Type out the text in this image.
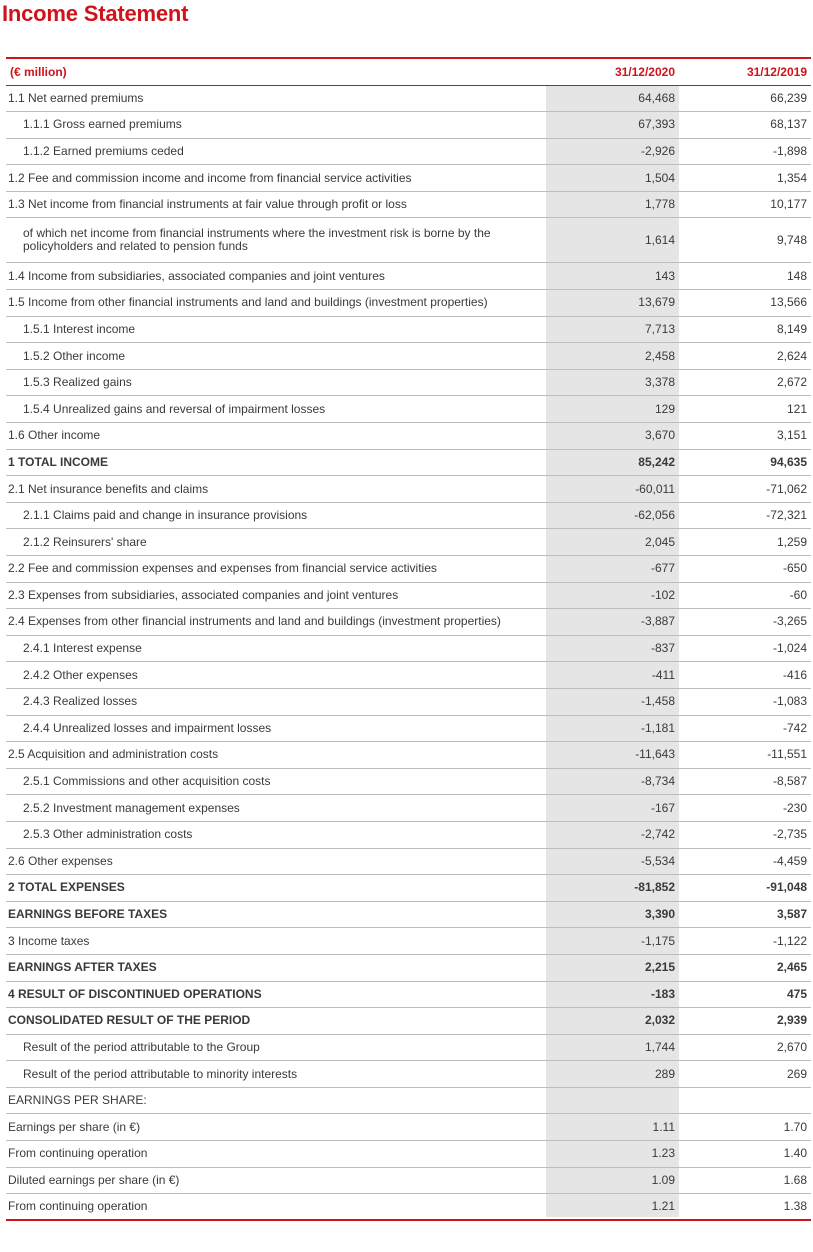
Income Statement
(€ million)	31/12/2020	31/12/2019
1.1 Net earned premiums	64,468	66,239
1.1.1 Gross earned premiums	67,393	68,137
1.1.2 Earned premiums ceded	-2,926	-1,898
1.2 Fee and commission income and income from financial service activities	1,504	1,354
1.3 Net income from financial instruments at fair value through profit or loss	1,778	10,177
of which net income from financial instruments where the investment risk is borne by the policyholders and related to pension funds	1,614	9,748
1.4 Income from subsidiaries, associated companies and joint ventures	143	148
1.5 Income from other financial instruments and land and buildings (investment properties)	13,679	13,566
1.5.1 Interest income	7,713	8,149
1.5.2 Other income	2,458	2,624
1.5.3 Realized gains	3,378	2,672
1.5.4 Unrealized gains and reversal of impairment losses	129	121
1.6 Other income	3,670	3,151
1 TOTAL INCOME	85,242	94,635
2.1 Net insurance benefits and claims	-60,011	-71,062
2.1.1 Claims paid and change in insurance provisions	-62,056	-72,321
2.1.2 Reinsurers' share	2,045	1,259
2.2 Fee and commission expenses and expenses from financial service activities	-677	-650
2.3 Expenses from subsidiaries, associated companies and joint ventures	-102	-60
2.4 Expenses from other financial instruments and land and buildings (investment properties)	-3,887	-3,265
2.4.1 Interest expense	-837	-1,024
2.4.2 Other expenses	-411	-416
2.4.3 Realized losses	-1,458	-1,083
2.4.4 Unrealized losses and impairment losses	-1,181	-742
2.5 Acquisition and administration costs	-11,643	-11,551
2.5.1 Commissions and other acquisition costs	-8,734	-8,587
2.5.2 Investment management expenses	-167	-230
2.5.3 Other administration costs	-2,742	-2,735
2.6 Other expenses	-5,534	-4,459
2 TOTAL EXPENSES	-81,852	-91,048
EARNINGS BEFORE TAXES	3,390	3,587
3 Income taxes	-1,175	-1,122
EARNINGS AFTER TAXES	2,215	2,465
4 RESULT OF DISCONTINUED OPERATIONS	-183	475
CONSOLIDATED RESULT OF THE PERIOD	2,032	2,939
Result of the period attributable to the Group	1,744	2,670
Result of the period attributable to minority interests	289	269
EARNINGS PER SHARE:		
Earnings per share (in €)	1.11	1.70
From continuing operation	1.23	1.40
Diluted earnings per share (in €)	1.09	1.68
From continuing operation	1.21	1.38
